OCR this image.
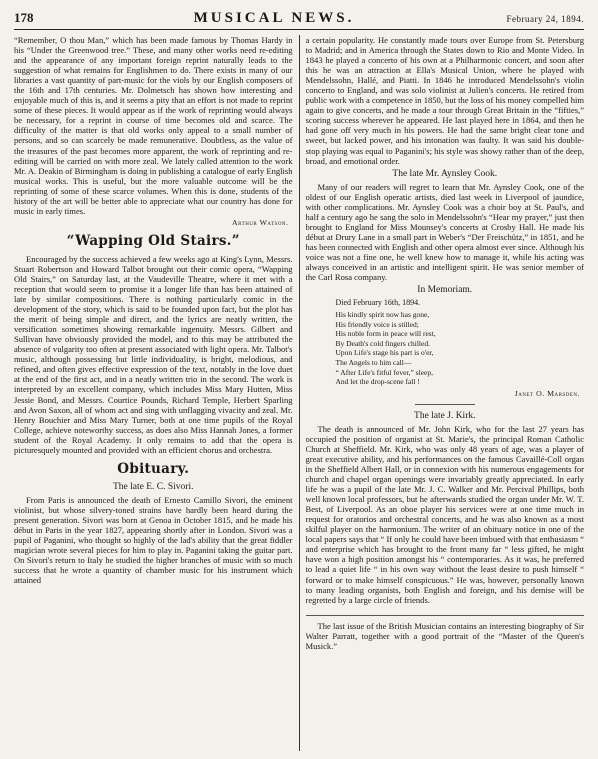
178	MUSICAL NEWS.	February 24, 1894.

“Remember, O thou Man,” which has been made famous by Thomas Hardy in his “Under the Greenwood tree.” These, and many other works need re-editing and the appearance of any important foreign reprint naturally leads to the suggestion of what remains for Englishmen to do. There exists in many of our libraries a vast quantity of part-music for the viols by our English composers of the 16th and 17th centuries. Mr. Dolmetsch has shown how interesting and enjoyable much of this is, and it seems a pity that an effort is not made to reprint some of these pieces. It would appear as if the work of reprinting would always be necessary, for a reprint in course of time becomes old and scarce. The difficulty of the matter is that old works only appeal to a small number of persons, and so can scarcely be made remunerative. Doubtless, as the value of the treasures of the past becomes more apparent, the work of reprinting and re-editing will be carried on with more zeal. We lately called attention to the work Mr. A. Deakin of Birmingham is doing in publishing a catalogue of early English musical works. This is useful, but the more valuable outcome will be the reprinting of some of these scarce volumes. When this is done, students of the history of the art will be better able to appreciate what our country has done for music in early times.

Arthur Watson.
“Wapping Old Stairs.”

Encouraged by the success achieved a few weeks ago at King's Lynn, Messrs. Stuart Robertson and Howard Talbot brought out their comic opera, “Wapping Old Stairs,” on Saturday last, at the Vaudeville Theatre, where it met with a reception that would seem to promise it a longer life than has been attained of late by similar compositions. There is nothing particularly comic in the development of the story, which is said to be founded upon fact, but the plot has the merit of being simple and direct, and the lyrics are neatly written, the versification sometimes showing remarkable ingenuity. Messrs. Gilbert and Sullivan have obviously provided the model, and to this may be attributed the absence of vulgarity too often at present associated with light opera. Mr. Talbot's music, although possessing but little individuality, is bright, melodious, and refined, and often gives effective expression of the text, notably in the love duet at the end of the first act, and in a neatly written trio in the second. The work is interpreted by an excellent company, which includes Miss Mary Hutten, Miss Jessie Bond, and Messrs. Courtice Pounds, Richard Temple, Herbert Sparling and Avon Saxon, all of whom act and sing with unflagging vivacity and zeal. Mr. Henry Bouchier and Miss Mary Turner, both at one time pupils of the Royal College, achieve noteworthy success, as does also Miss Hannah Jones, a former student of the Royal Academy. It only remains to add that the opera is picturesquely mounted and provided with an efficient chorus and orchestra.

Obituary.
The late E. C. Sivori.

From Paris is announced the death of Ernesto Camillo Sivori, the eminent violinist, but whose silvery-toned strains have hardly been heard during the present generation. Sivori was born at Genoa in October 1815, and he made his début in Paris in the year 1827, appearing shortly after in London. Sivori was a pupil of Paganini, who thought so highly of the lad's ability that the great fiddler magician wrote several pieces for him to play in. Paganini taking the guitar part. On Sivori's return to Italy he studied the higher branches of music with so much success that he wrote a quantity of chamber music for his instrument which attained

a certain popularity. He constantly made tours over Europe from St. Petersburg to Madrid; and in America through the States down to Rio and Monte Video. In 1843 he played a concerto of his own at a Philharmonic concert, and soon after this he was an attraction at Ella's Musical Union, where he played with Mendelssohn, Hallé, and Piatti. In 1846 he introduced Mendelssohn's violin concerto to England, and was solo violinist at Julien's concerts. He retired from public work with a competence in 1850, but the loss of his money compelled him again to give concerts, and he made a tour through Great Britain in the “fifties,” scoring success wherever he appeared. He last played here in 1864, and then he had gone off very much in his powers. He had the same bright clear tone and sweet, but lacked power, and his intonation was faulty. It was said his double-stop playing was equal to Paganini's; his style was showy rather than of the deep, broad, and emotional order.

The late Mr. Aynsley Cook.

Many of our readers will regret to learn that Mr. Aynsley Cook, one of the oldest of our English operatic artists, died last week in Liverpool of jaundice, with other complications. Mr. Aynsley Cook was a choir boy at St. Paul's, and half a century ago he sang the solo in Mendelssohn's “Hear my prayer,” just then brought to England for Miss Mounsey's concerts at Crosby Hall. He made his début at Drury Lane in a small part in Weber's “Der Freischütz,” in 1851, and he has been connected with English and other opera almost ever since. Although his voice was not a fine one, he well knew how to manage it, while his acting was always conceived in an artistic and intelligent spirit. He was senior member of the Carl Rosa company.

In Memoriam.
Died February 16th, 1894.
His kindly spirit now has gone,
His friendly voice is stilled;
His noble form in peace will rest,
By Death's cold fingers chilled.
Upon Life's stage his part is o'er,
The Angels to him call—
“ After Life's fitful fever,” sleep,
And let the drop-scene fall !
Janet O. Marsden.
The late J. Kirk.

The death is announced of Mr. John Kirk, who for the last 27 years has occupied the position of organist at St. Marie's, the principal Roman Catholic Church at Sheffield. Mr. Kirk, who was only 48 years of age, was a player of great executive ability, and his performances on the famous Cavaillé-Coll organ in the Sheffield Albert Hall, or in connexion with his numerous engagements for church and chapel organ openings were invariably greatly appreciated. In early life he was a pupil of the late Mr. J. C. Walker and Mr. Percival Phillips, both well known local professors, but he afterwards studied the organ under Mr. W. T. Best, of Liverpool. As an oboe player his services were at one time much in request for oratorios and orchestral concerts, and he was also known as a most skilful player on the harmonium. The writer of an obituary notice in one of the local papers says that “ If only he could have been imbued with that enthusiasm “ and enterprise which has brought to the front many far “ less gifted, he might have won a high position amongst his “ contemporaries. As it was, he preferred to lead a quiet life “ in his own way without the least desire to push himself “ forward or to make himself conspicuous.” He was, however, personally known to many leading organists, both English and foreign, and his demise will be regretted by a large circle of friends.

The last issue of the British Musician contains an interesting biography of Sir Walter Parratt, together with a good portrait of the “Master of the Queen's Musick.”
